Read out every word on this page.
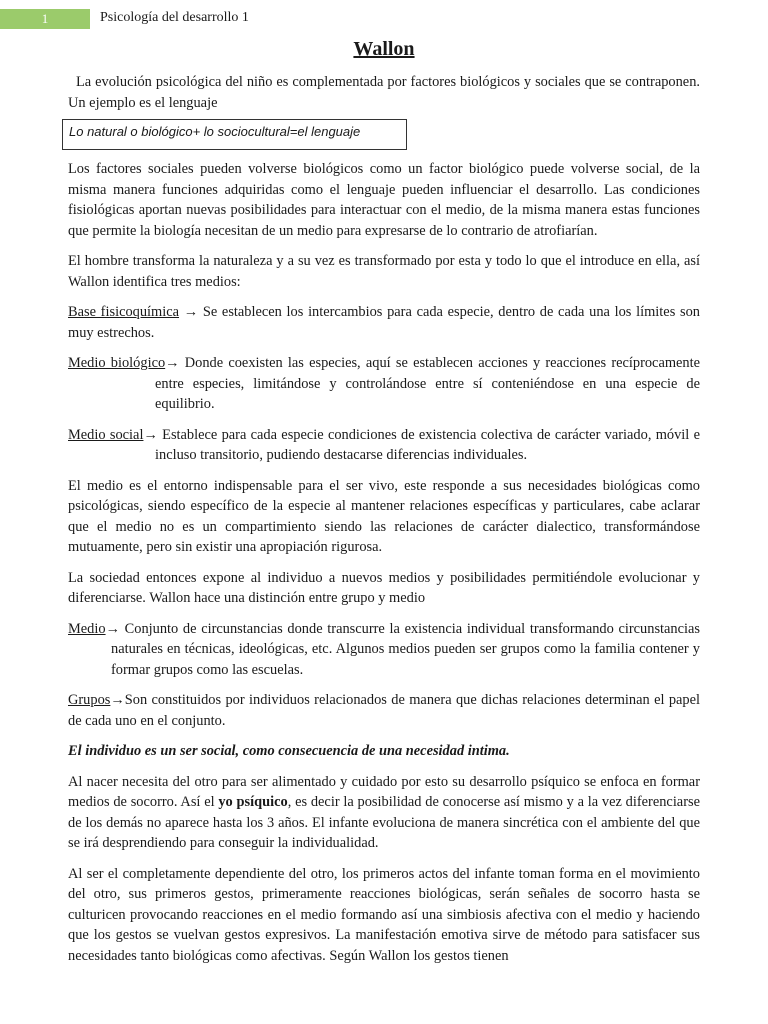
1	Psicología del desarrollo 1
Wallon

La evolución psicológica del niño es complementada por factores biológicos y sociales que se contraponen. Un ejemplo es el lenguaje

Lo natural o biológico+ lo sociocultural=el lenguaje

Los factores sociales pueden volverse biológicos como un factor biológico puede volverse social, de la misma manera funciones adquiridas como el lenguaje pueden influenciar el desarrollo. Las condiciones fisiológicas aportan nuevas posibilidades para interactuar con el medio, de la misma manera estas funciones que permite la biología necesitan de un medio para expresarse de lo contrario de atrofiarían.

El hombre transforma la naturaleza y a su vez es transformado por esta y todo lo que el introduce en ella, así Wallon identifica tres medios:

Base fisicoquímica → Se establecen los intercambios para cada especie, dentro de cada una los límites son muy estrechos.

Medio biológico→ Donde coexisten las especies, aquí se establecen acciones y reacciones recíprocamente entre especies, limitándose y controlándose entre sí conteniéndose en una especie de equilibrio.

Medio social→ Establece para cada especie condiciones de existencia colectiva de carácter variado, móvil e incluso transitorio, pudiendo destacarse diferencias individuales.

El medio es el entorno indispensable para el ser vivo, este responde a sus necesidades biológicas como psicológicas, siendo específico de la especie al mantener relaciones específicas y particulares, cabe aclarar que el medio no es un compartimiento siendo las relaciones de carácter dialectico, transformándose mutuamente, pero sin existir una apropiación rigurosa.

La sociedad entonces expone al individuo a nuevos medios y posibilidades permitiéndole evolucionar y diferenciarse. Wallon hace una distinción entre grupo y medio

Medio→ Conjunto de circunstancias donde transcurre la existencia individual transformando circunstancias naturales en técnicas, ideológicas, etc. Algunos medios pueden ser grupos como la familia contener y formar grupos como las escuelas.

Grupos→Son constituidos por individuos relacionados de manera que dichas relaciones determinan el papel de cada uno en el conjunto.

El individuo es un ser social, como consecuencia de una necesidad intima.

Al nacer necesita del otro para ser alimentado y cuidado por esto su desarrollo psíquico se enfoca en formar medios de socorro. Así el yo psíquico, es decir la posibilidad de conocerse así mismo y a la vez diferenciarse de los demás no aparece hasta los 3 años. El infante evoluciona de manera sincrética con el ambiente del que se irá desprendiendo para conseguir la individualidad.

Al ser el completamente dependiente del otro, los primeros actos del infante toman forma en el movimiento del otro, sus primeros gestos, primeramente reacciones biológicas, serán señales de socorro hasta se culturicen provocando reacciones en el medio formando así una simbiosis afectiva con el medio y haciendo que los gestos se vuelvan gestos expresivos. La manifestación emotiva sirve de método para satisfacer sus necesidades tanto biológicas como afectivas. Según Wallon los gestos tienen
